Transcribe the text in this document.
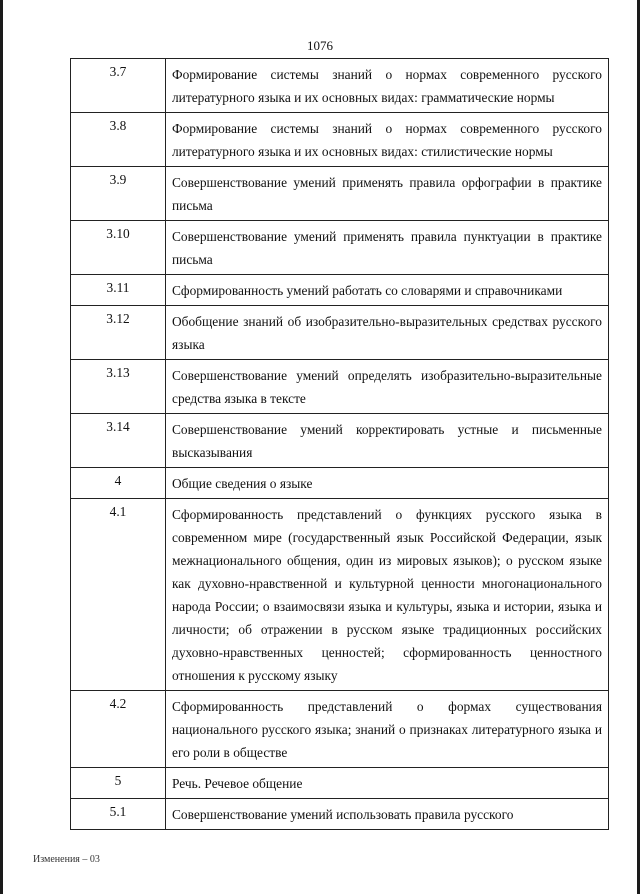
1076
3.7	Формирование системы знаний о нормах современного русского литературного языка и их основных видах: грамматические нормы
3.8	Формирование системы знаний о нормах современного русского литературного языка и их основных видах: стилистические нормы
3.9	Совершенствование умений применять правила орфографии в практике письма
3.10	Совершенствование умений применять правила пунктуации в практике письма
3.11	Сформированность умений работать со словарями и справочниками
3.12	Обобщение знаний об изобразительно-выразительных средствах русского языка
3.13	Совершенствование умений определять изобразительно-выразительные средства языка в тексте
3.14	Совершенствование умений корректировать устные и письменные высказывания
4	Общие сведения о языке
4.1	Сформированность представлений о функциях русского языка в современном мире (государственный язык Российской Федерации, язык межнационального общения, один из мировых языков); о русском языке как духовно-нравственной и культурной ценности многонационального народа России; о взаимосвязи языка и культуры, языка и истории, языка и личности; об отражении в русском языке традиционных российских духовно-нравственных ценностей; сформированность ценностного отношения к русскому языку
4.2	Сформированность представлений о формах существования национального русского языка; знаний о признаках литературного языка и его роли в обществе
5	Речь. Речевое общение
5.1	Совершенствование умений использовать правила русского
Изменения – 03
